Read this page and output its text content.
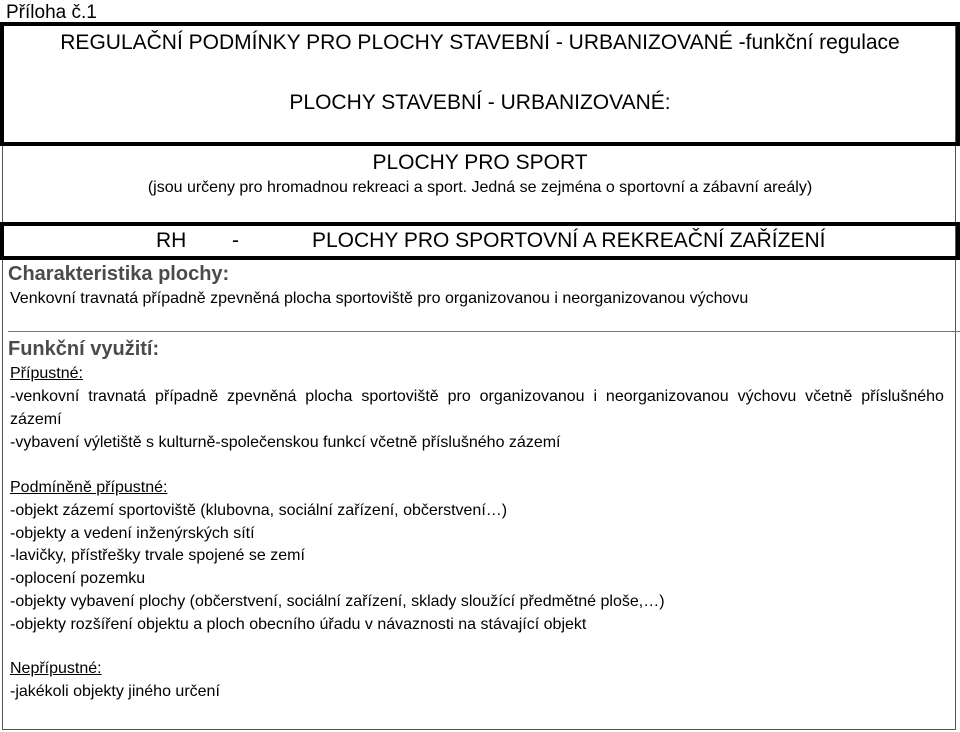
Příloha č.1
REGULAČNÍ PODMÍNKY PRO PLOCHY STAVEBNÍ - URBANIZOVANÉ -funkční regulace
PLOCHY STAVEBNÍ - URBANIZOVANÉ:
PLOCHY PRO SPORT
(jsou určeny pro hromadnou rekreaci a sport. Jedná se zejména o sportovní a zábavní areály)
RH -	PLOCHY PRO SPORTOVNÍ A REKREAČNÍ ZAŘÍZENÍ
Charakteristika plochy:
Venkovní travnatá případně zpevněná plocha sportoviště pro organizovanou i neorganizovanou výchovu
Funkční využití:
Přípustné:
-venkovní  travnatá  případně  zpevněná  plocha  sportoviště  pro  organizovanou  i  neorganizovanou  výchovu  včetně  příslušného
zázemí
-vybavení výletiště s kulturně-společenskou funkcí včetně příslušného zázemí
Podmíněně přípustné:
-objekt zázemí sportoviště (klubovna, sociální zařízení, občerstvení…)
-objekty a vedení inženýrských sítí
-lavičky, přístřešky trvale spojené se zemí
-oplocení pozemku
-objekty vybavení plochy (občerstvení, sociální zařízení, sklady sloužící předmětné ploše,…)
-objekty rozšíření objektu a ploch obecního úřadu v návaznosti na stávající objekt
Nepřípustné:
-jakékoli objekty jiného určení
